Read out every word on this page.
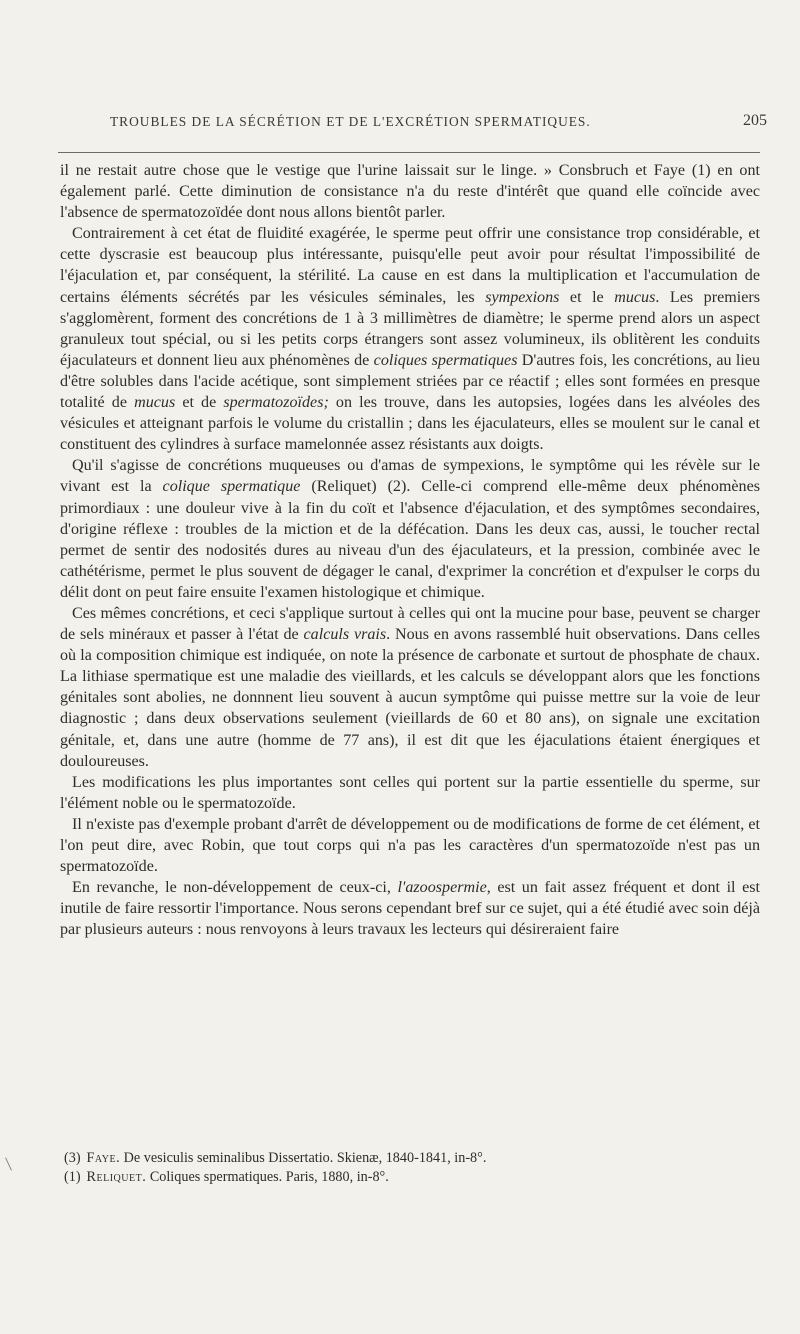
TROUBLES DE LA SÉCRÉTION ET DE L'EXCRÉTION SPERMATIQUES.	205

il ne restait autre chose que le vestige que l'urine laissait sur le linge. » Consbruch et Faye (1) en ont également parlé. Cette diminution de consistance n'a du reste d'intérêt que quand elle coïncide avec l'absence de spermatozoïdée dont nous allons bientôt parler.

Contrairement à cet état de fluidité exagérée, le sperme peut offrir une consistance trop considérable, et cette dyscrasie est beaucoup plus intéressante, puisqu'elle peut avoir pour résultat l'impossibilité de l'éjaculation et, par conséquent, la stérilité. La cause en est dans la multiplication et l'accumulation de certains éléments sécrétés par les vésicules séminales, les sympexions et le mucus. Les premiers s'agglomèrent, forment des concrétions de 1 à 3 millimètres de diamètre; le sperme prend alors un aspect granuleux tout spécial, ou si les petits corps étrangers sont assez volumineux, ils oblitèrent les conduits éjaculateurs et donnent lieu aux phénomènes de coliques spermatiques D'autres fois, les concrétions, au lieu d'être solubles dans l'acide acétique, sont simplement striées par ce réactif ; elles sont formées en presque totalité de mucus et de spermatozoïdes; on les trouve, dans les autopsies, logées dans les alvéoles des vésicules et atteignant parfois le volume du cristallin ; dans les éjaculateurs, elles se moulent sur le canal et constituent des cylindres à surface mamelonnée assez résistants aux doigts.

Qu'il s'agisse de concrétions muqueuses ou d'amas de sympexions, le symptôme qui les révèle sur le vivant est la colique spermatique (Reliquet) (2). Celle-ci comprend elle-même deux phénomènes primordiaux : une douleur vive à la fin du coït et l'absence d'éjaculation, et des symptômes secondaires, d'origine réflexe : troubles de la miction et de la défécation. Dans les deux cas, aussi, le toucher rectal permet de sentir des nodosités dures au niveau d'un des éjaculateurs, et la pression, combinée avec le cathétérisme, permet le plus souvent de dégager le canal, d'exprimer la concrétion et d'expulser le corps du délit dont on peut faire ensuite l'examen histologique et chimique.

Ces mêmes concrétions, et ceci s'applique surtout à celles qui ont la mucine pour base, peuvent se charger de sels minéraux et passer à l'état de calculs vrais. Nous en avons rassemblé huit observations. Dans celles où la composition chimique est indiquée, on note la présence de carbonate et surtout de phosphate de chaux. La lithiase spermatique est une maladie des vieillards, et les calculs se développant alors que les fonctions génitales sont abolies, ne donnnent lieu souvent à aucun symptôme qui puisse mettre sur la voie de leur diagnostic ; dans deux observations seulement (vieillards de 60 et 80 ans), on signale une excitation génitale, et, dans une autre (homme de 77 ans), il est dit que les éjaculations étaient énergiques et douloureuses.

Les modifications les plus importantes sont celles qui portent sur la partie essentielle du sperme, sur l'élément noble ou le spermatozoïde.

Il n'existe pas d'exemple probant d'arrêt de développement ou de modifications de forme de cet élément, et l'on peut dire, avec Robin, que tout corps qui n'a pas les caractères d'un spermatozoïde n'est pas un spermatozoïde.

En revanche, le non-développement de ceux-ci, l'azoospermie, est un fait assez fréquent et dont il est inutile de faire ressortir l'importance. Nous serons cependant bref sur ce sujet, qui a été étudié avec soin déjà par plusieurs auteurs : nous renvoyons à leurs travaux les lecteurs qui désireraient faire

(3) Faye. De vesiculis seminalibus Dissertatio. Skienæ, 1840-1841, in-8°.

(1) Reliquet. Coliques spermatiques. Paris, 1880, in-8°.
